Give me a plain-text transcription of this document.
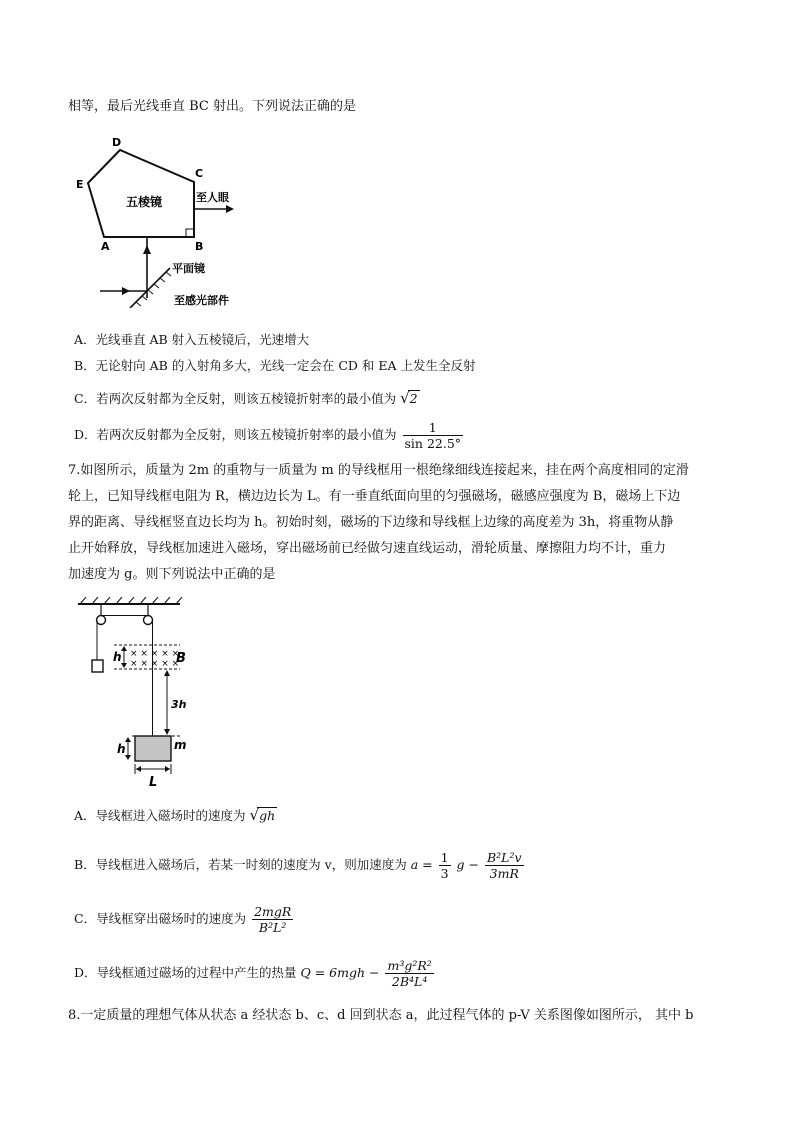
相等，最后光线垂直 BC 射出。下列说法正确的是
D
C
E
A	B
五棱镜	至人眼
平面镜
至感光部件
A．光线垂直 AB 射入五棱镜后，光速增大
B．无论射向 AB 的入射角多大，光线一定会在 CD 和 EA 上发生全反射
C．若两次反射都为全反射，则该五棱镜折射率的最小值为 √2
D．若两次反射都为全反射，则该五棱镜折射率的最小值为 $\frac{1}{\sin 22.5^\circ}$
7.如图所示，质量为 2m 的重物与一质量为 m 的导线框用一根绝缘细线连接起来，挂在两个高度相同的定滑
轮上，已知导线框电阻为 R，横边边长为 L。有一垂直纸面向里的匀强磁场，磁感应强度为 B，磁场上下边
界的距离、导线框竖直边长均为 h。初始时刻，磁场的下边缘和导线框上边缘的高度差为 3h，将重物从静
止开始释放，导线框加速进入磁场，穿出磁场前已经做匀速直线运动，滑轮质量、摩擦阻力均不计，重力
加速度为 g。则下列说法中正确的是
× × × × ×
× × × × ×
h	B
3h
h	m
L
A．导线框进入磁场时的速度为 √gh
B．导线框进入磁场后，若某一时刻的速度为 v，则加速度为 $a = \frac{1}{3}$ $g - \frac{\text{B²L²v}}{3mR}$
C．导线框穿出磁场时的速度为 $\frac{\text{2mgR}}{\text{B²L²}}$
D．导线框通过磁场的过程中产生的热量 $Q = 6mgh - \frac{\text{m³g²R²}}{\text{2B⁴L⁴}}$
8.一定质量的理想气体从状态 a 经状态 b、c、d 回到状态 a，此过程气体的 p-V 关系图像如图所示， 其中 b
